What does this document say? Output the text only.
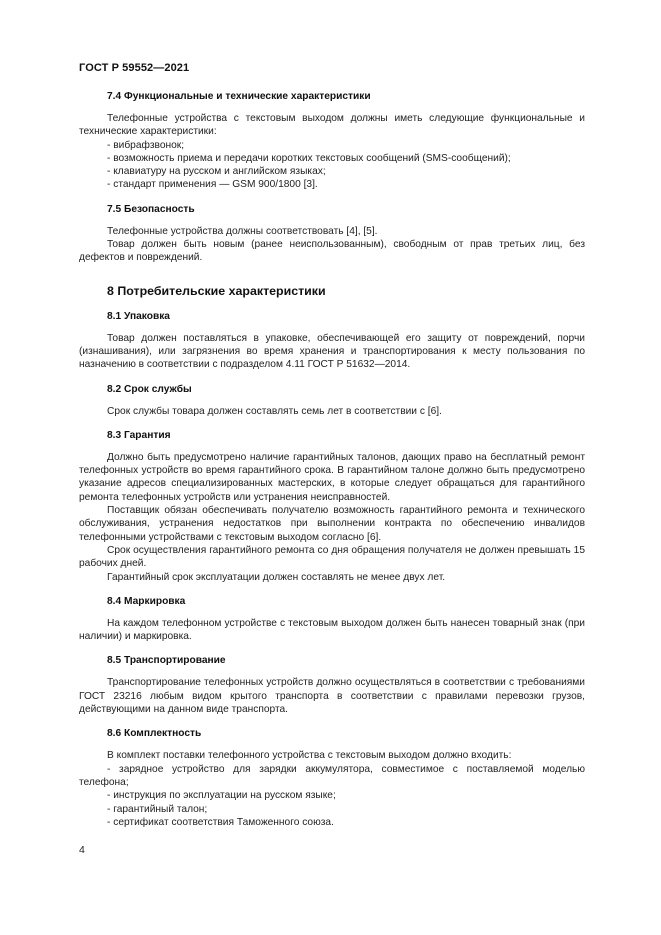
ГОСТ Р 59552—2021
7.4 Функциональные и технические характеристики

Телефонные устройства с текстовым выходом должны иметь следующие функциональные и технические характеристики:

- вибрафзвонок;
- возможность приема и передачи коротких текстовых сообщений (SMS-сообщений);
- клавиатуру на русском и английском языках;
- стандарт применения — GSM 900/1800 [3].
7.5 Безопасность

Телефонные устройства должны соответствовать [4], [5].

Товар должен быть новым (ранее неиспользованным), свободным от прав третьих лиц, без дефектов и повреждений.

8 Потребительские характеристики
8.1 Упаковка

Товар должен поставляться в упаковке, обеспечивающей его защиту от повреждений, порчи (изнашивания), или загрязнения во время хранения и транспортирования к месту пользования по назначению в соответствии с подразделом 4.11 ГОСТ Р 51632—2014.

8.2 Срок службы

Срок службы товара должен составлять семь лет в соответствии с [6].

8.3 Гарантия

Должно быть предусмотрено наличие гарантийных талонов, дающих право на бесплатный ремонт телефонных устройств во время гарантийного срока. В гарантийном талоне должно быть предусмотрено указание адресов специализированных мастерских, в которые следует обращаться для гарантийного ремонта телефонных устройств или устранения неисправностей.

Поставщик обязан обеспечивать получателю возможность гарантийного ремонта и технического обслуживания, устранения недостатков при выполнении контракта по обеспечению инвалидов телефонными устройствами с текстовым выходом согласно [6].

Срок осуществления гарантийного ремонта со дня обращения получателя не должен превышать 15 рабочих дней.

Гарантийный срок эксплуатации должен составлять не менее двух лет.

8.4 Маркировка

На каждом телефонном устройстве с текстовым выходом должен быть нанесен товарный знак (при наличии) и маркировка.

8.5 Транспортирование

Транспортирование телефонных устройств должно осуществляться в соответствии с требованиями ГОСТ 23216 любым видом крытого транспорта в соответствии с правилами перевозки грузов, действующими на данном виде транспорта.

8.6 Комплектность

В комплект поставки телефонного устройства с текстовым выходом должно входить:

- зарядное устройство для зарядки аккумулятора, совместимое с поставляемой моделью телефона;
- инструкция по эксплуатации на русском языке;
- гарантийный талон;
- сертификат соответствия Таможенного союза.
4
